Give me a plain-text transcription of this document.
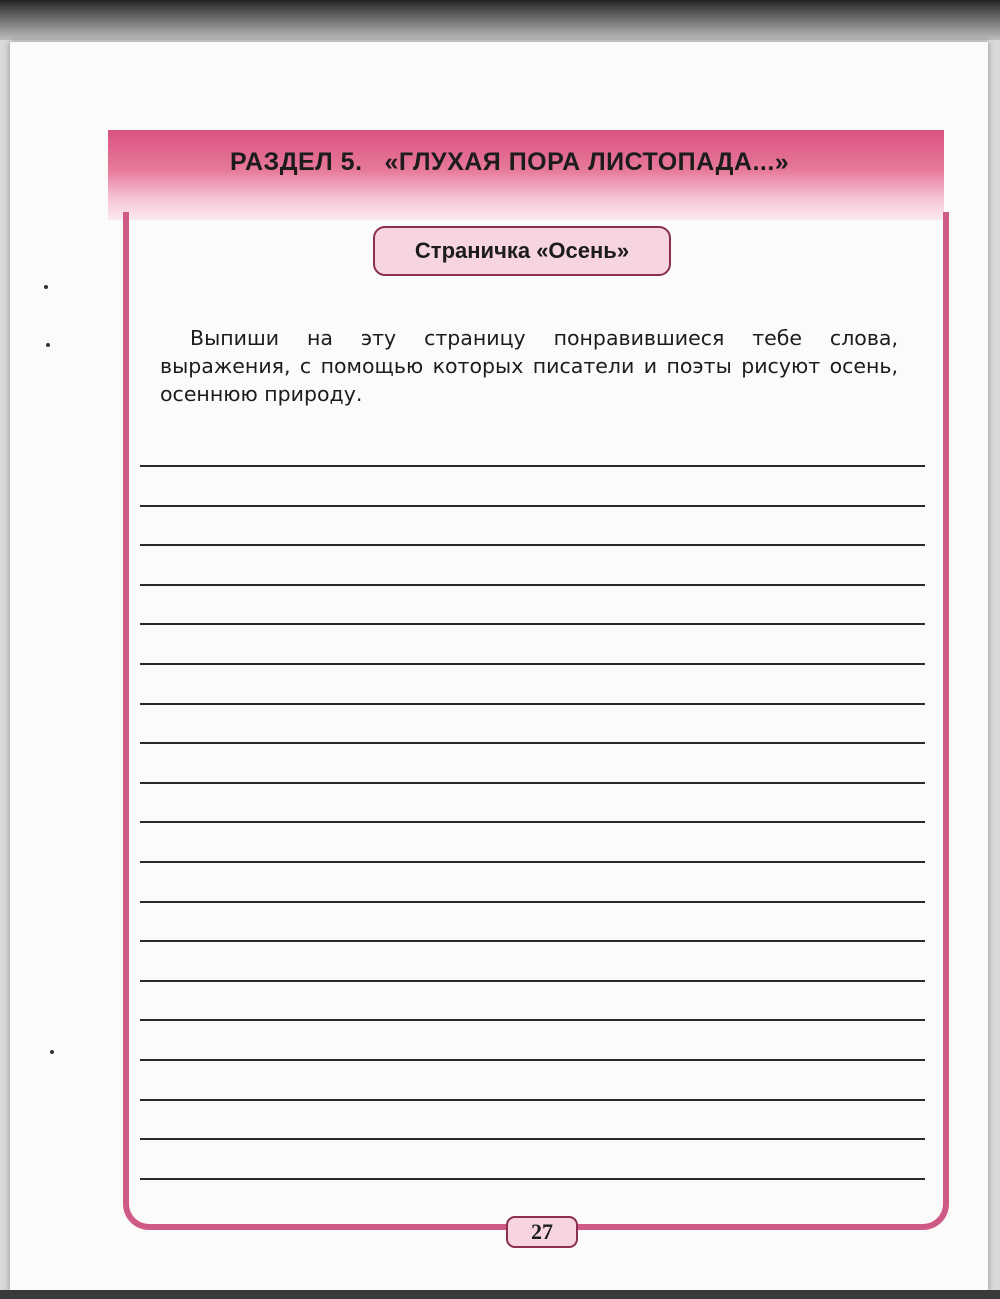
РАЗДЕЛ 5. «ГЛУХАЯ ПОРА ЛИСТОПАДА...»
Страничка «Осень»
Выпиши на эту страницу понравившиеся тебе слова, выражения, с помощью которых писатели и поэты рисуют осень, осеннюю природу.
27
